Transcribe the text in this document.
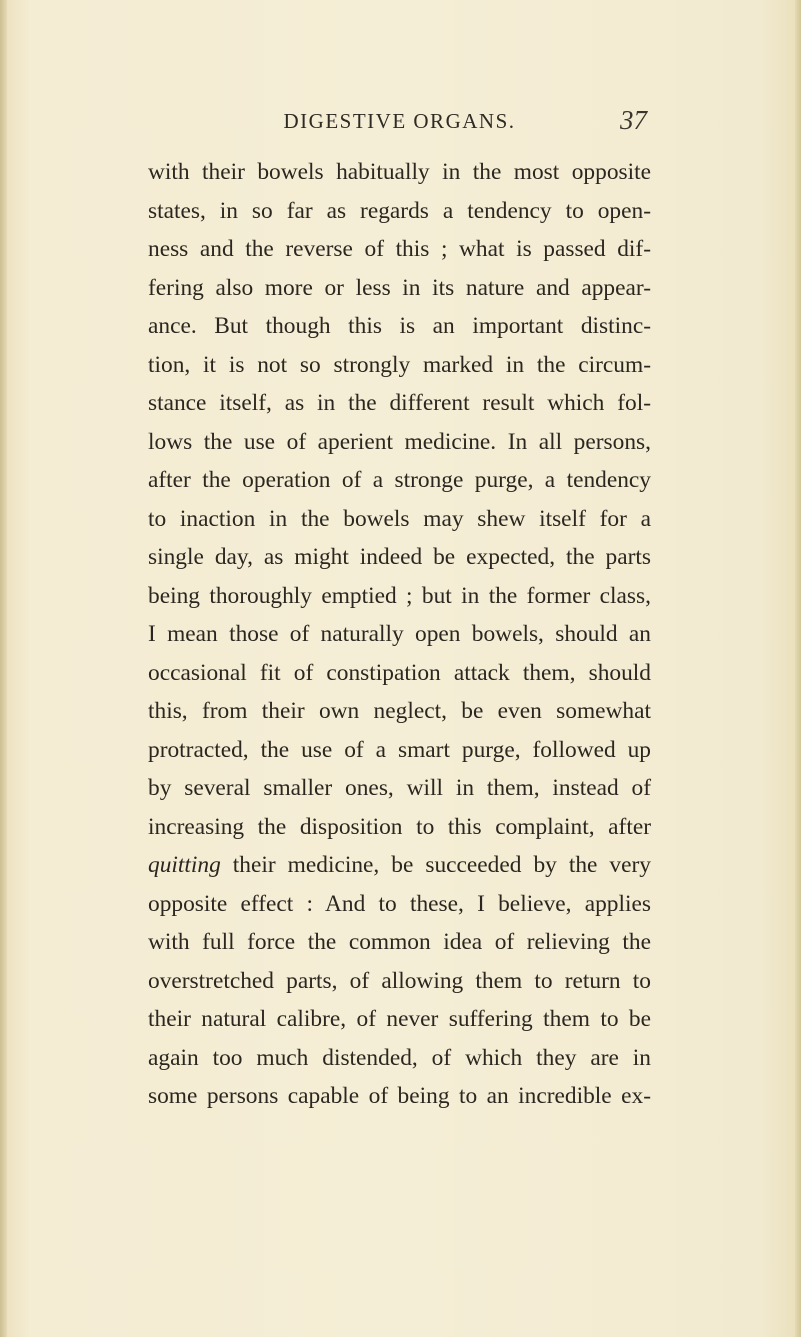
DIGESTIVE ORGANS.	37
with their bowels habitually in the most opposite
states, in so far as regards a tendency to open-
ness and the reverse of this ; what is passed dif-
fering also more or less in its nature and appear-
ance. But though this is an important distinc-
tion, it is not so strongly marked in the circum-
stance itself, as in the different result which fol-
lows the use of aperient medicine. In all persons,
after the operation of a stronge purge, a tendency
to inaction in the bowels may shew itself for a
single day, as might indeed be expected, the parts
being thoroughly emptied ; but in the former class,
I mean those of naturally open bowels, should an
occasional fit of constipation attack them, should
this, from their own neglect, be even somewhat
protracted, the use of a smart purge, followed up
by several smaller ones, will in them, instead of
increasing the disposition to this complaint, after
quitting their medicine, be succeeded by the very
opposite effect : And to these, I believe, applies
with full force the common idea of relieving the
overstretched parts, of allowing them to return to
their natural calibre, of never suffering them to be
again too much distended, of which they are in
some persons capable of being to an incredible ex-
